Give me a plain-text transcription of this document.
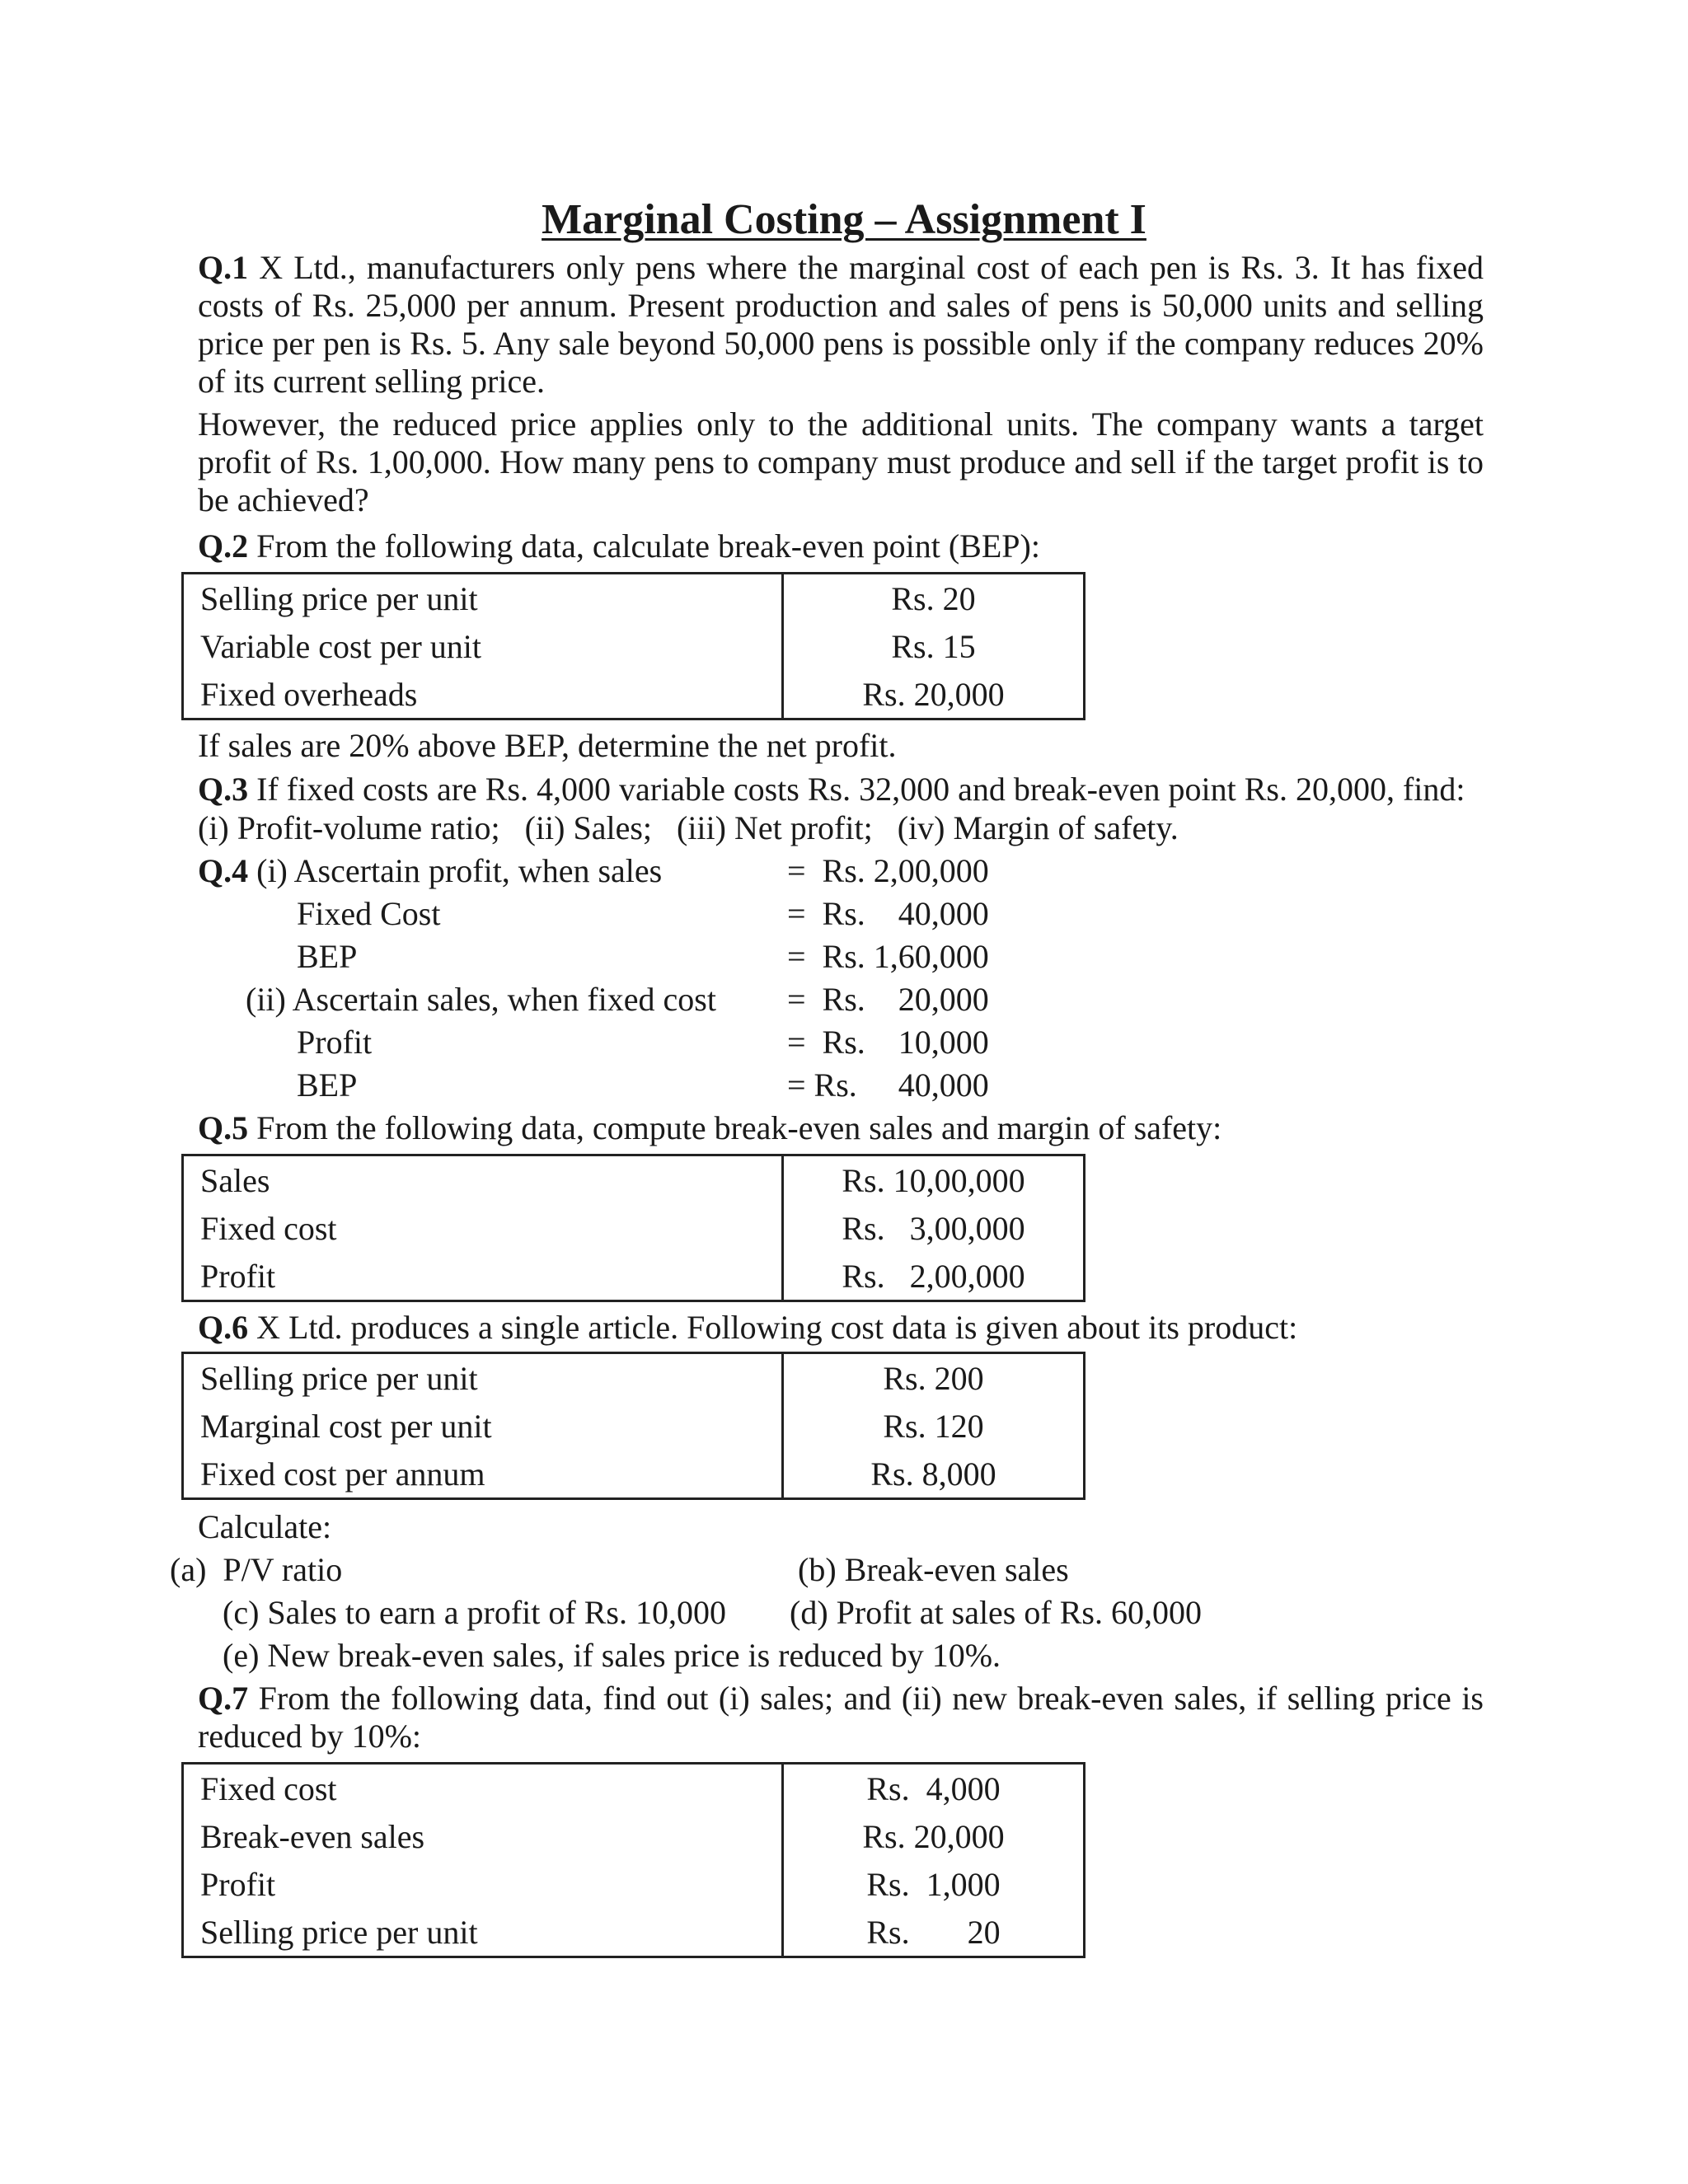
Marginal Costing – Assignment I
Q.1 X Ltd., manufacturers only pens where the marginal cost of each pen is Rs. 3. It has fixed costs of Rs. 25,000 per annum. Present production and sales of pens is 50,000 units and selling price per pen is Rs. 5. Any sale beyond 50,000 pens is possible only if the company reduces 20% of its current selling price.
However, the reduced price applies only to the additional units. The company wants a target profit of Rs. 1,00,000. How many pens to company must produce and sell if the target profit is to be achieved?
Q.2 From the following data, calculate break-even point (BEP):
Selling price per unit	Rs. 20
Variable cost per unit	Rs. 15
Fixed overheads	Rs. 20,000
If sales are 20% above BEP, determine the net profit.
Q.3 If fixed costs are Rs. 4,000 variable costs Rs. 32,000 and break-even point Rs. 20,000, find:
(i) Profit-volume ratio;   (ii) Sales;   (iii) Net profit;   (iv) Margin of safety.
Q.4 (i) Ascertain profit, when sales	=  Rs. 2,00,000
Fixed Cost	=  Rs.    40,000
BEP	=  Rs. 1,60,000
(ii) Ascertain sales, when fixed cost =  Rs.    20,000
Profit	=  Rs.    10,000
BEP	= Rs.     40,000
Q.5 From the following data, compute break-even sales and margin of safety:
Sales	Rs. 10,00,000
Fixed cost	Rs.   3,00,000
Profit	Rs.   2,00,000
Q.6 X Ltd. produces a single article. Following cost data is given about its product:
Selling price per unit	Rs. 200
Marginal cost per unit	Rs. 120
Fixed cost per annum	Rs. 8,000
Calculate:
(a)  P/V ratio	(b) Break-even sales
(c) Sales to earn a profit of Rs. 10,000 (d) Profit at sales of Rs. 60,000
(e) New break-even sales, if sales price is reduced by 10%.
Q.7 From the following data, find out (i) sales; and (ii) new break-even sales, if selling price is reduced by 10%:
Fixed cost	Rs.  4,000
Break-even sales	Rs. 20,000
Profit	Rs.  1,000
Selling price per unit	Rs.       20
